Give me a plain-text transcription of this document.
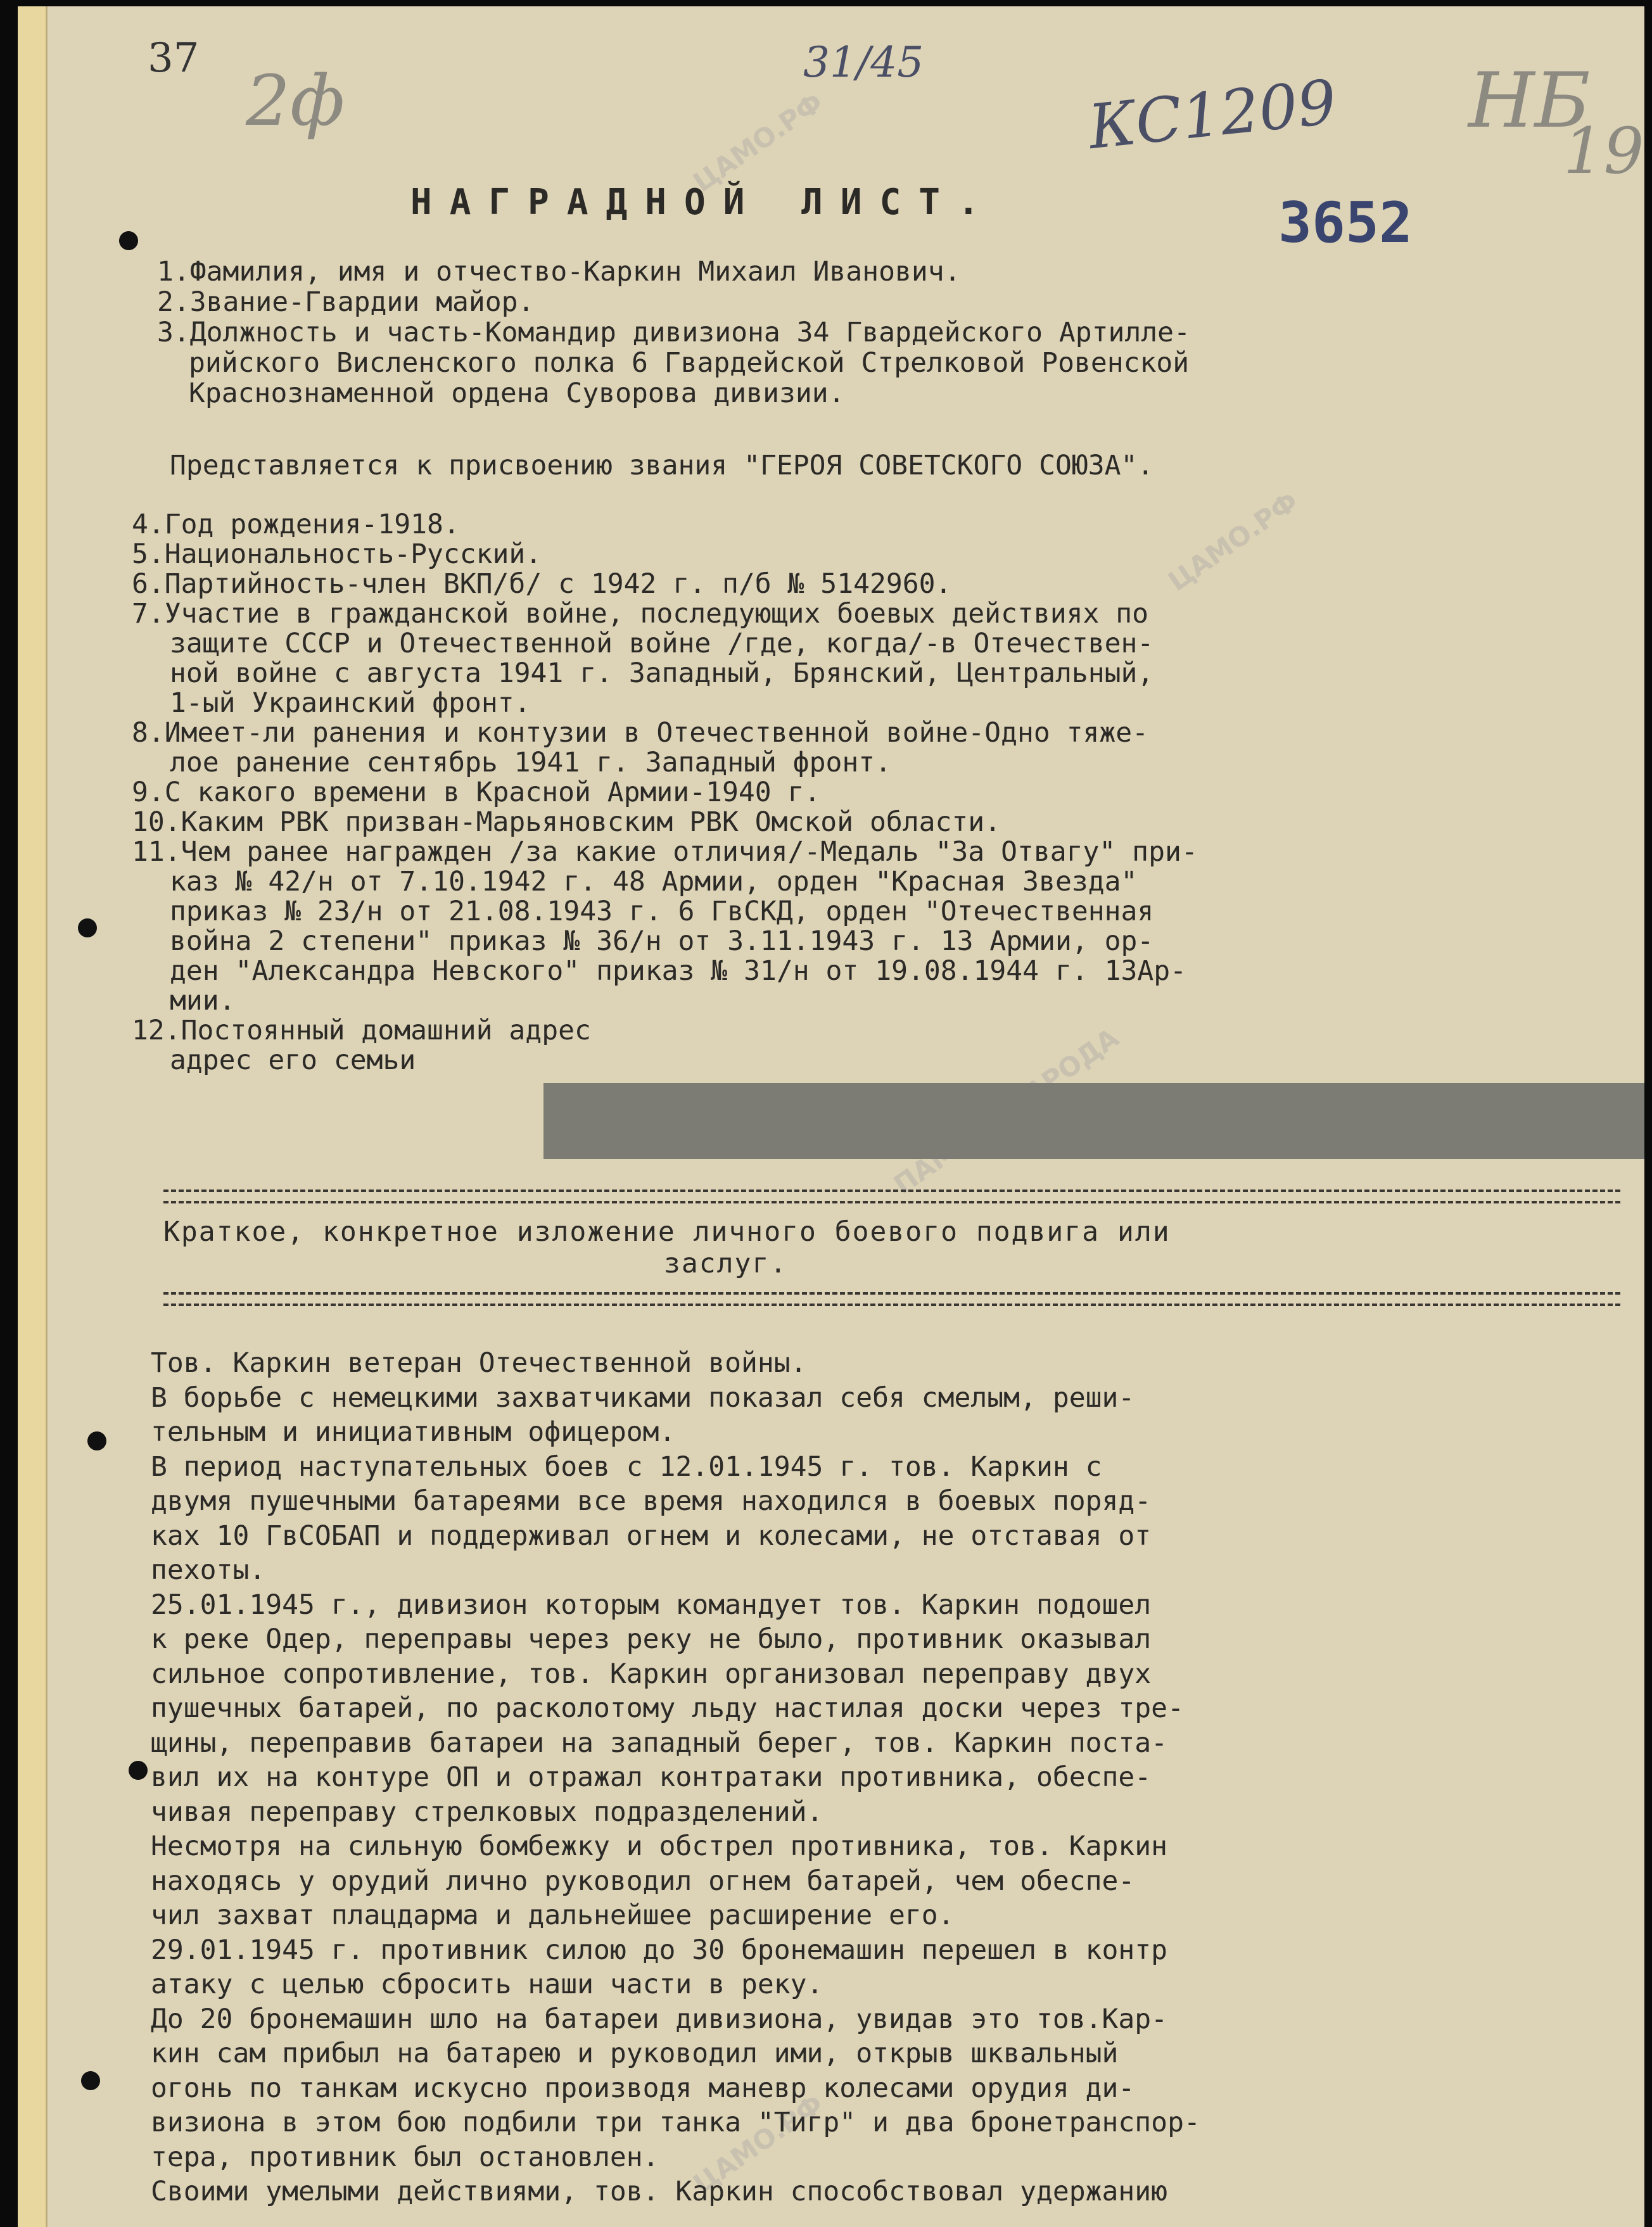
ЦАМО.РФ
ЦАМО.РФ
ЦАМО.РФ
37
2ф	31/45
КС1209 НБ
19
3652
НАГРАДНОЙ ЛИСТ.
1.Фамилия, имя и отчество-Каркин Михаил Иванович.
2.Звание-Гвардии майор.
3.Должность и часть-Командир дивизиона 34 Гвардейского Артилле-
рийского Висленского полка 6 Гвардейской Стрелковой Ровенской
Краснознаменной ордена Суворова дивизии.
Представляется к присвоению звания "ГЕРОЯ СОВЕТСКОГО СОЮЗА".
4.Год рождения-1918.
5.Национальность-Русский.
6.Партийность-член ВКП/б/ с 1942 г. п/б № 5142960.
7.Участие в гражданской войне, последующих боевых действиях по
защите СССР и Отечественной войне /где, когда/-в Отечествен-
ной войне с августа 1941 г. Западный, Брянский, Центральный,
1-ый Украинский фронт.
8.Имеет-ли ранения и контузии в Отечественной войне-Одно тяже-
лое ранение сентябрь 1941 г. Западный фронт.
9.С какого времени в Красной Армии-1940 г.
10.Каким РВК призван-Марьяновским РВК Омской области.
11.Чем ранее награжден /за какие отличия/-Медаль "За Отвагу" при-
каз № 42/н от 7.10.1942 г. 48 Армии, орден "Красная Звезда"
приказ № 23/н от 21.08.1943 г. 6 ГвСКД, орден "Отечественная
война 2 степени" приказ № 36/н от 3.11.1943 г. 13 Армии, ор-
ден "Александра Невского" приказ № 31/н от 19.08.1944 г. 13Ар-
мии.
12.Постоянный домашний адрес
адрес его семьи
Краткое, конкретное изложение личного боевого подвига или
заслуг.
Тов. Каркин ветеран Отечественной войны.
В борьбе с немецкими захватчиками показал себя смелым, реши-
тельным и инициативным офицером.
В период наступательных боев с 12.01.1945 г. тов. Каркин с
двумя пушечными батареями все время находился в боевых поряд-
ках 10 ГвСОБАП и поддерживал огнем и колесами, не отставая от
пехоты.
25.01.1945 г., дивизион которым командует тов. Каркин подошел
к реке Одер, переправы через реку не было, противник оказывал
сильное сопротивление, тов. Каркин организовал переправу двух
пушечных батарей, по расколотому льду настилая доски через тре-
щины, переправив батареи на западный берег, тов. Каркин поста-
вил их на контуре ОП и отражал контратаки противника, обеспе-
чивая переправу стрелковых подразделений.
Несмотря на сильную бомбежку и обстрел противника, тов. Каркин
находясь у орудий лично руководил огнем батарей, чем обеспе-
чил захват плацдарма и дальнейшее расширение его.
29.01.1945 г. противник силою до 30 бронемашин перешел в контр
атаку с целью сбросить наши части в реку.
До 20 бронемашин шло на батареи дивизиона, увидав это тов.Кар-
кин сам прибыл на батарею и руководил ими, открыв шквальный
огонь по танкам искусно производя маневр колесами орудия ди-
визиона в этом бою подбили три танка "Тигр" и два бронетранспор-
тера, противник был остановлен.
Своими умелыми действиями, тов. Каркин способствовал удержанию
